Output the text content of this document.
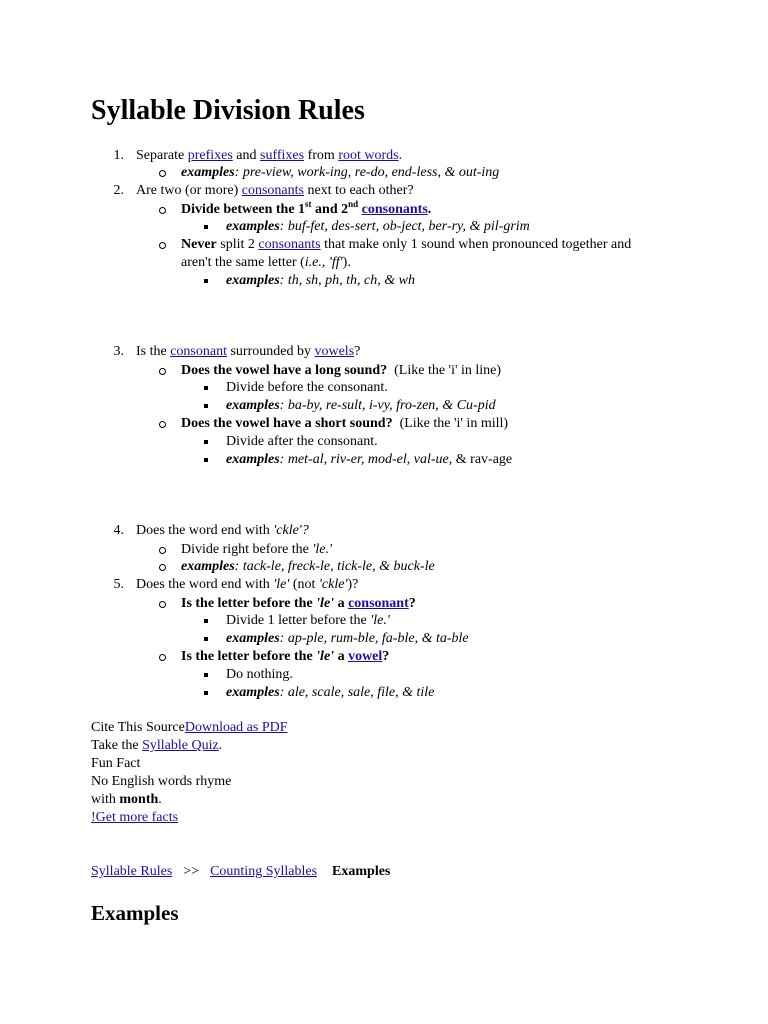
Syllable Division Rules
1. Separate prefixes and suffixes from root words.
examples: pre-view, work-ing, re-do, end-less, & out-ing
2. Are two (or more) consonants next to each other?
Divide between the 1st and 2nd consonants.
examples: buf-fet, des-sert, ob-ject, ber-ry, & pil-grim
Never split 2 consonants that make only 1 sound when pronounced together and
aren't the same letter (i.e., 'ff').
examples: th, sh, ph, th, ch, & wh
3. Is the consonant surrounded by vowels?
Does the vowel have a long sound?  (Like the 'i' in line)
Divide before the consonant.
examples: ba-by, re-sult, i-vy, fro-zen, & Cu-pid
Does the vowel have a short sound?  (Like the 'i' in mill)
Divide after the consonant.
examples: met-al, riv-er, mod-el, val-ue, & rav-age
4. Does the word end with 'ckle'?
Divide right before the 'le.'
examples: tack-le, freck-le, tick-le, & buck-le
5. Does the word end with 'le' (not 'ckle')?
Is the letter before the 'le' a consonant?
Divide 1 letter before the 'le.'
examples: ap-ple, rum-ble, fa-ble, & ta-ble
Is the letter before the 'le' a vowel?
Do nothing.
examples: ale, scale, sale, file, & tile
Cite This SourceDownload as PDF
Take the Syllable Quiz.
Fun Fact
No English words rhyme
with month.
!Get more facts
Syllable Rules >> Counting Syllables Examples
Examples
